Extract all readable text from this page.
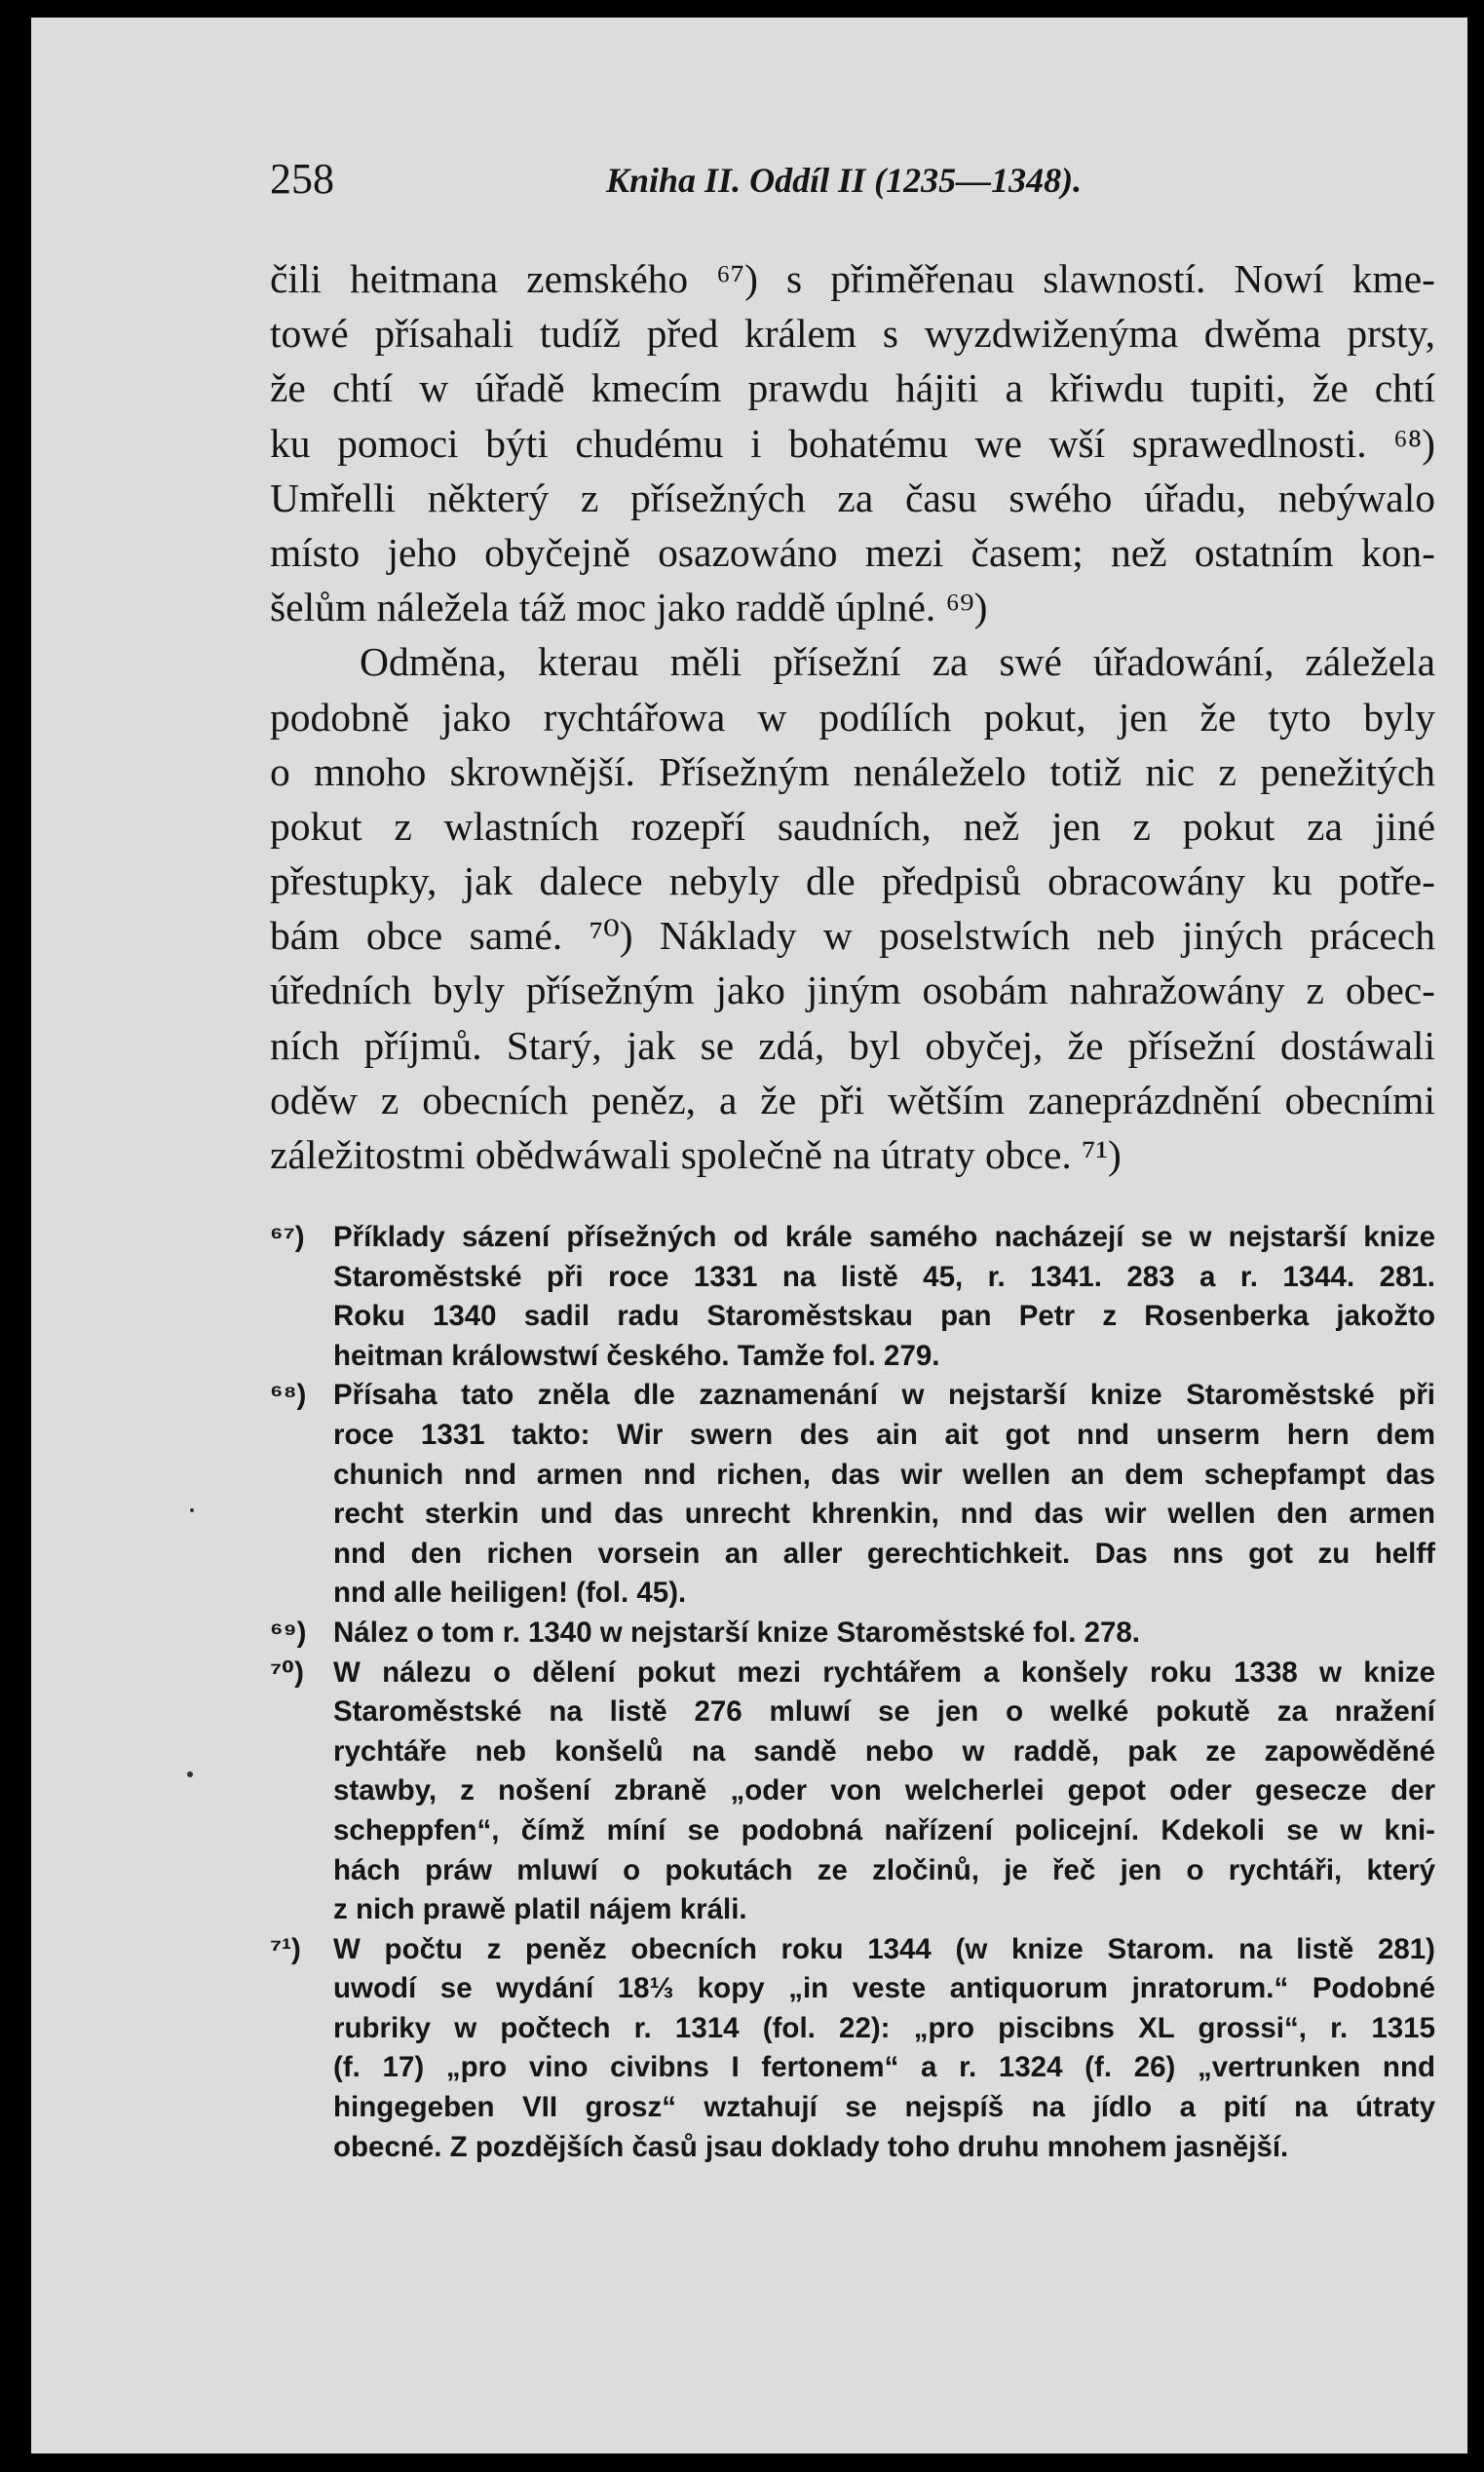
258	Kniha II. Oddíl II (1235—1348).
čili heitmana zemského ⁶⁷) s přiměřenau slawností. Nowí kme-
towé přísahali tudíž před králem s wyzdwiženýma dwěma prsty,
že chtí w úřadě kmecím prawdu hájiti a křiwdu tupiti, že chtí
ku pomoci býti chudému i bohatému we wší sprawedlnosti. ⁶⁸)
Umřelli některý z přísežných za času swého úřadu, nebýwalo
místo jeho obyčejně osazowáno mezi časem; než ostatním kon-
šelům náležela táž moc jako raddě úplné. ⁶⁹)
Odměna, kterau měli přísežní za swé úřadowání, záležela
podobně jako rychtářowa w podílích pokut, jen že tyto byly
o mnoho skrownější. Přísežným nenáleželo totiž nic z penežitých
pokut z wlastních rozepří saudních, než jen z pokut za jiné
přestupky, jak dalece nebyly dle předpisů obracowány ku potře-
bám obce samé. ⁷⁰) Náklady w poselstwích neb jiných prácech
úředních byly přísežným jako jiným osobám nahražowány z obec-
ních příjmů. Starý, jak se zdá, byl obyčej, že přísežní dostáwali
oděw z obecních peněz, a že při wětším zaneprázdnění obecními
záležitostmi obědwáwali společně na útraty obce. ⁷¹)
⁶⁷) Příklady sázení přísežných od krále samého nacházejí se w nejstarší knize
Staroměstské při roce 1331 na listě 45, r. 1341. 283 a r. 1344. 281.
Roku 1340 sadil radu Staroměstskau pan Petr z Rosenberka jakožto
heitman králowstwí českého. Tamže fol. 279.
⁶⁸) Přísaha tato zněla dle zaznamenání w nejstarší knize Staroměstské při
roce 1331 takto: Wir swern des ain ait got nnd unserm hern dem
chunich nnd armen nnd richen, das wir wellen an dem schepfampt das
recht sterkin und das unrecht khrenkin, nnd das wir wellen den armen
nnd den richen vorsein an aller gerechtichkeit. Das nns got zu helff
nnd alle heiligen! (fol. 45).
⁶⁹) Nález o tom r. 1340 w nejstarší knize Staroměstské fol. 278.
⁷⁰) W nálezu o dělení pokut mezi rychtářem a konšely roku 1338 w knize
Staroměstské na listě 276 mluwí se jen o welké pokutě za nražení
rychtáře neb konšelů na sandě nebo w raddě, pak ze zapowěděné
stawby, z nošení zbraně „oder von welcherlei gepot oder gesecze der
scheppfen“, čímž míní se podobná nařízení policejní. Kdekoli se w kni-
hách práw mluwí o pokutách ze zločinů, je řeč jen o rychtáři, který
z nich prawě platil nájem králi.
⁷¹) W počtu z peněz obecních roku 1344 (w knize Starom. na listě 281)
uwodí se wydání 18⅓ kopy „in veste antiquorum jnratorum.“ Podobné
rubriky w počtech r. 1314 (fol. 22): „pro piscibns XL grossi“, r. 1315
(f. 17) „pro vino civibns I fertonem“ a r. 1324 (f. 26) „vertrunken nnd
hingegeben VII grosz“ wztahují se nejspíš na jídlo a pití na útraty
obecné. Z pozdějších časů jsau doklady toho druhu mnohem jasnější.
